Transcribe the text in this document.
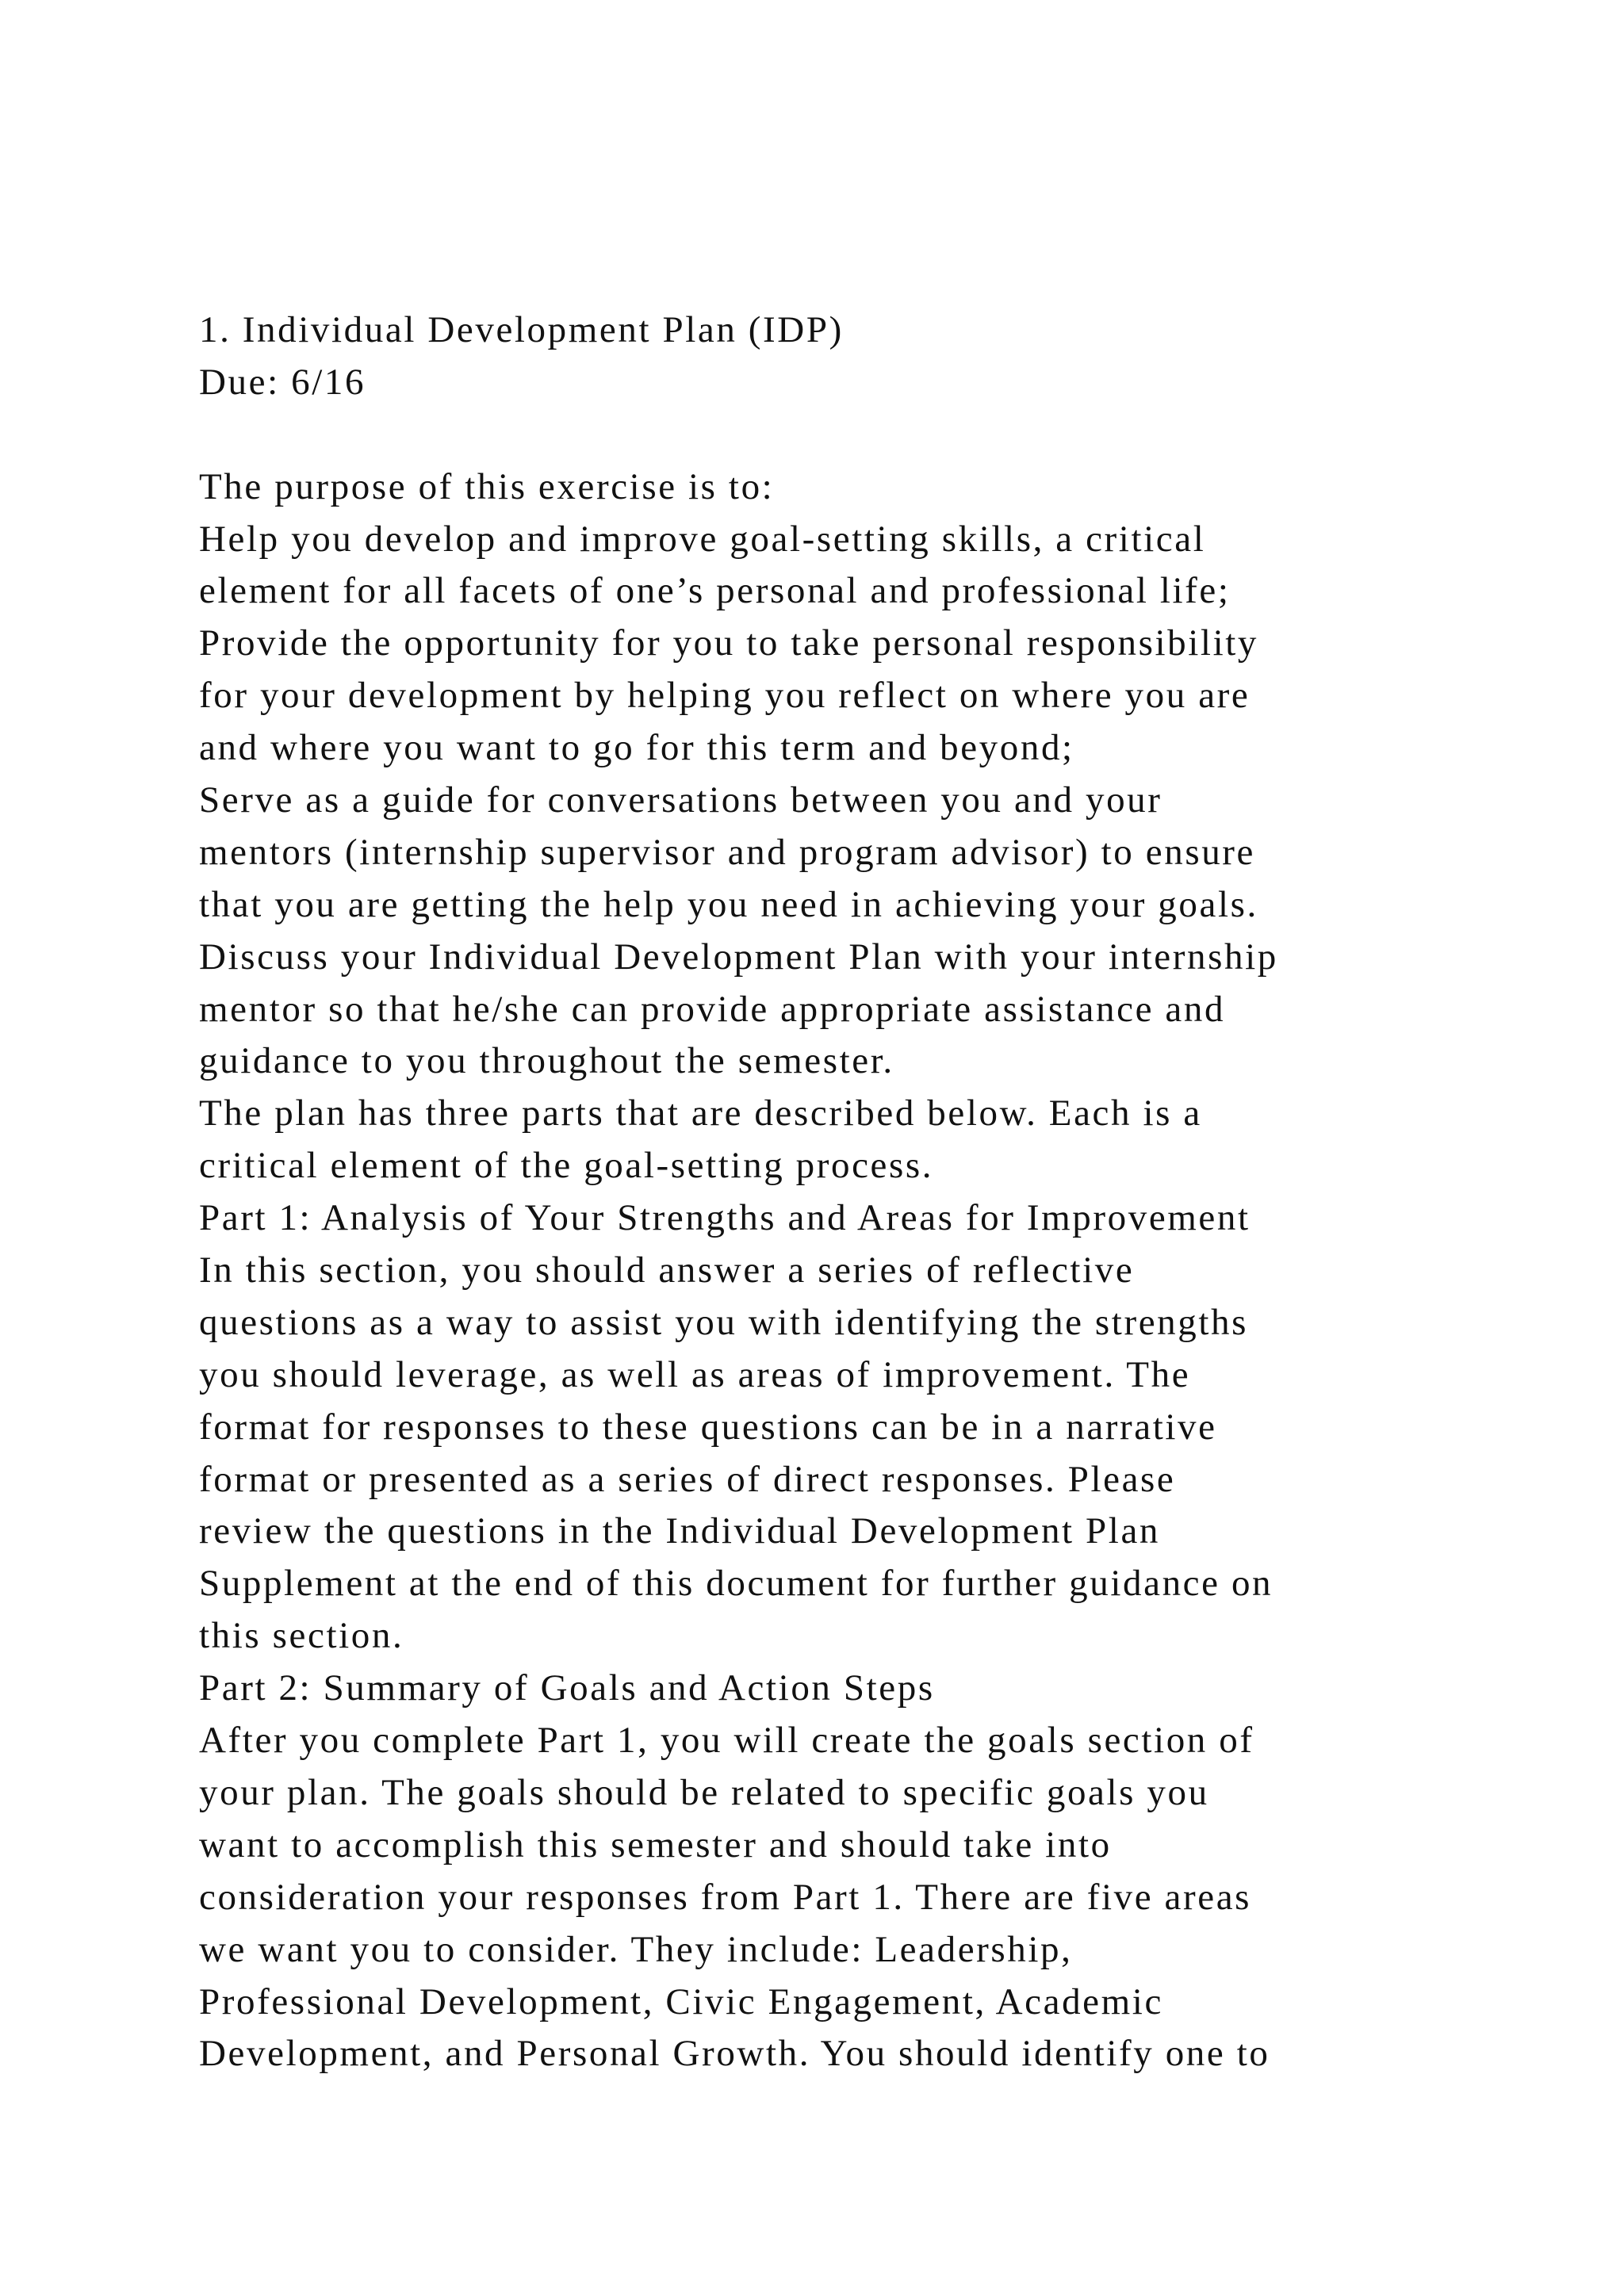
1. Individual Development Plan (IDP)
Due: 6/16
The purpose of this exercise is to:
Help you develop and improve goal-setting skills, a critical
element for all facets of one’s personal and professional life;
Provide the opportunity for you to take personal responsibility
for your development by helping you reflect on where you are
and where you want to go for this term and beyond;
Serve as a guide for conversations between you and your
mentors (internship supervisor and program advisor) to ensure
that you are getting the help you need in achieving your goals.
Discuss your Individual Development Plan with your internship
mentor so that he/she can provide appropriate assistance and
guidance to you throughout the semester.
The plan has three parts that are described below. Each is a
critical element of the goal-setting process.
Part 1: Analysis of Your Strengths and Areas for Improvement
In this section, you should answer a series of reflective
questions as a way to assist you with identifying the strengths
you should leverage, as well as areas of improvement. The
format for responses to these questions can be in a narrative
format or presented as a series of direct responses. Please
review the questions in the Individual Development Plan
Supplement at the end of this document for further guidance on
this section.
Part 2: Summary of Goals and Action Steps
After you complete Part 1, you will create the goals section of
your plan. The goals should be related to specific goals you
want to accomplish this semester and should take into
consideration your responses from Part 1. There are five areas
we want you to consider. They include: Leadership,
Professional Development, Civic Engagement, Academic
Development, and Personal Growth. You should identify one to
